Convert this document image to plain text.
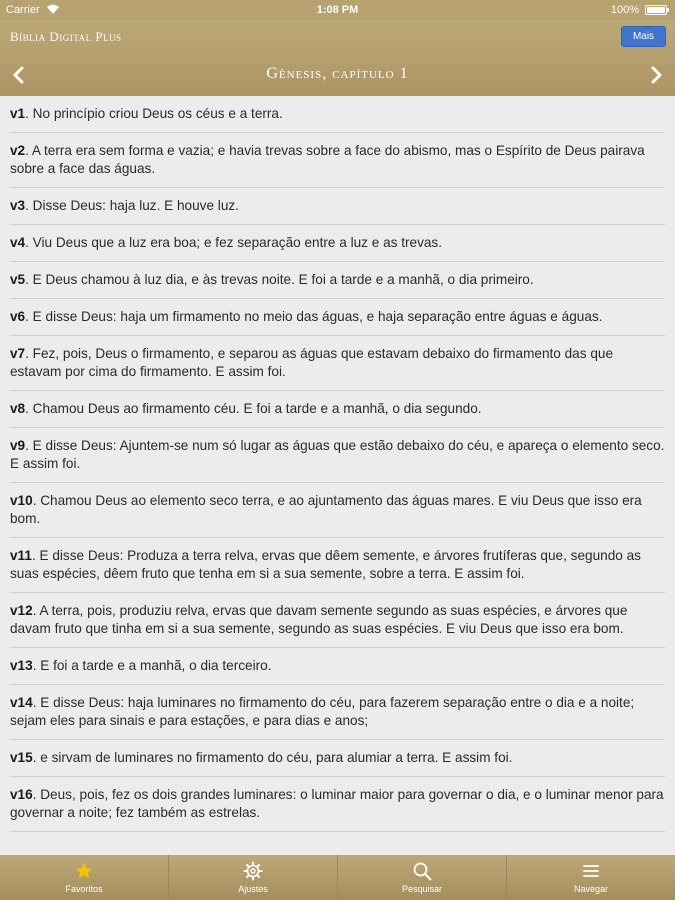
Carrier	1:08 PM	100%
Bíblia Digital Plus	Mais
Gênesis, capítulo 1
v1. No princípio criou Deus os céus e a terra.
v2. A terra era sem forma e vazia; e havia trevas sobre a face do abismo, mas o Espírito de Deus pairava sobre a face das águas.
v3. Disse Deus: haja luz. E houve luz.
v4. Viu Deus que a luz era boa; e fez separação entre a luz e as trevas.
v5. E Deus chamou à luz dia, e às trevas noite. E foi a tarde e a manhã, o dia primeiro.
v6. E disse Deus: haja um firmamento no meio das águas, e haja separação entre águas e águas.
v7. Fez, pois, Deus o firmamento, e separou as águas que estavam debaixo do firmamento das que estavam por cima do firmamento. E assim foi.
v8. Chamou Deus ao firmamento céu. E foi a tarde e a manhã, o dia segundo.
v9. E disse Deus: Ajuntem-se num só lugar as águas que estão debaixo do céu, e apareça o elemento seco. E assim foi.
v10. Chamou Deus ao elemento seco terra, e ao ajuntamento das águas mares. E viu Deus que isso era bom.
v11. E disse Deus: Produza a terra relva, ervas que dêem semente, e árvores frutíferas que, segundo as suas espécies, dêem fruto que tenha em si a sua semente, sobre a terra. E assim foi.
v12. A terra, pois, produziu relva, ervas que davam semente segundo as suas espécies, e árvores que davam fruto que tinha em si a sua semente, segundo as suas espécies. E viu Deus que isso era bom.
v13. E foi a tarde e a manhã, o dia terceiro.
v14. E disse Deus: haja luminares no firmamento do céu, para fazerem separação entre o dia e a noite; sejam eles para sinais e para estações, e para dias e anos;
v15. e sirvam de luminares no firmamento do céu, para alumiar a terra. E assim foi.
v16. Deus, pois, fez os dois grandes luminares: o luminar maior para governar o dia, e o luminar menor para governar a noite; fez também as estrelas.
Favoritos	Ajustes	Pesquisar	Navegar
